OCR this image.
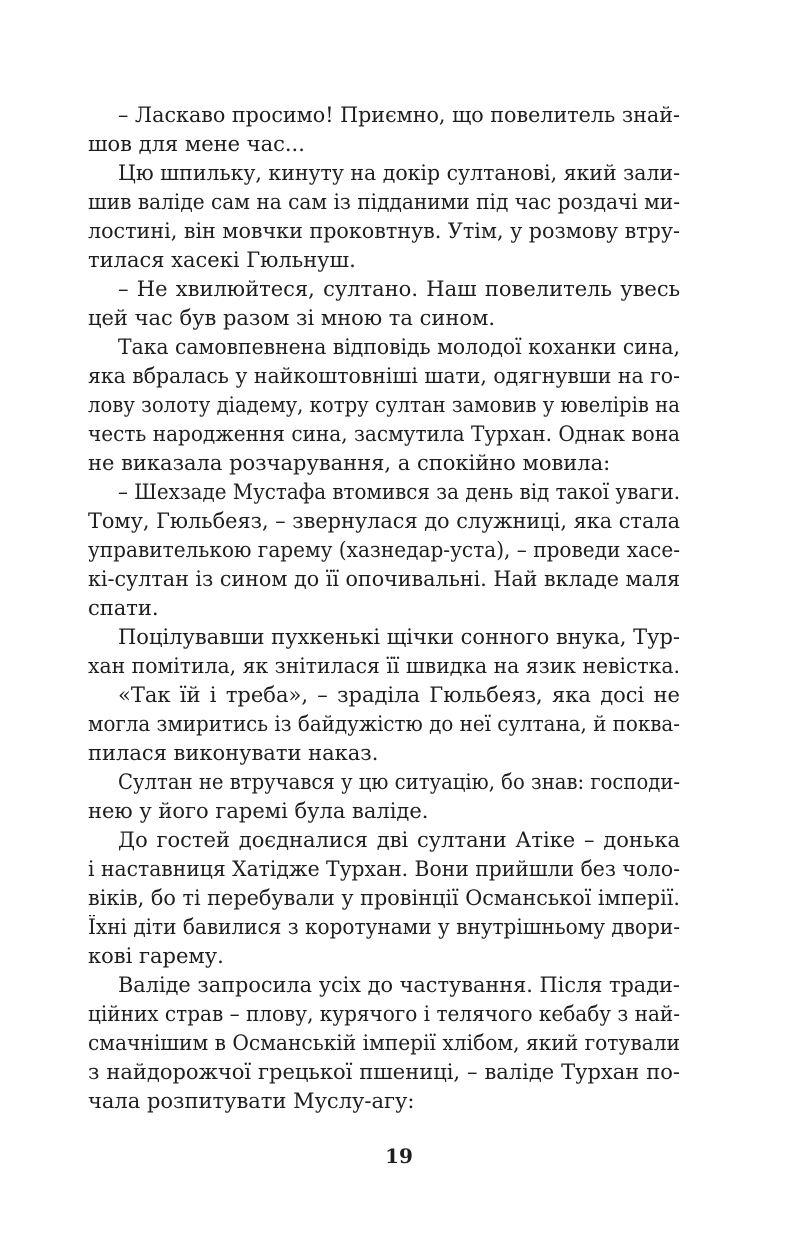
– Ласкаво просимо! Приємно, що повелитель знай-
шов для мене час...
Цю шпильку, кинуту на докір султанові, який зали-
шив валіде сам на сам із підданими під час роздачі ми-
лостині, він мовчки проковтнув. Утім, у розмову втру-
тилася хасекі Гюльнуш.
– Не хвилюйтеся, султано. Наш повелитель увесь
цей час був разом зі мною та сином.
Така самовпевнена відповідь молодої коханки сина,
яка вбралась у найкоштовніші шати, одягнувши на го-
лову золоту діадему, котру султан замовив у ювелірів на
честь народження сина, засмутила Турхан. Однак вона
не виказала розчарування, а спокійно мовила:
– Шехзаде Мустафа втомився за день від такої уваги.
Тому, Гюльбеяз, – звернулася до служниці, яка стала
управителькою гарему (хазнедар-уста), – проведи хасе-
кі-султан із сином до її опочивальні. Най вкладе маля
спати.
Поцілувавши пухкенькі щічки сонного внука, Тур-
хан помітила, як знітилася її швидка на язик невістка.
«Так їй і треба», – зраділа Гюльбеяз, яка досі не
могла змиритись із байдужістю до неї султана, й поква-
пилася виконувати наказ.
Султан не втручався у цю ситуацію, бо знав: господи-
нею у його гаремі була валіде.
До гостей доєдналися дві султани Атіке – донька
і наставниця Хатідже Турхан. Вони прийшли без чоло-
віків, бо ті перебували у провінції Османської імперії.
Їхні діти бавилися з коротунами у внутрішньому двори-
кові гарему.
Валіде запросила усіх до частування. Після тради-
ційних страв – плову, курячого і телячого кебабу з най-
смачнішим в Османській імперії хлібом, який готували
з найдорожчої грецької пшениці, – валіде Турхан по-
чала розпитувати Муслу-агу:
19
